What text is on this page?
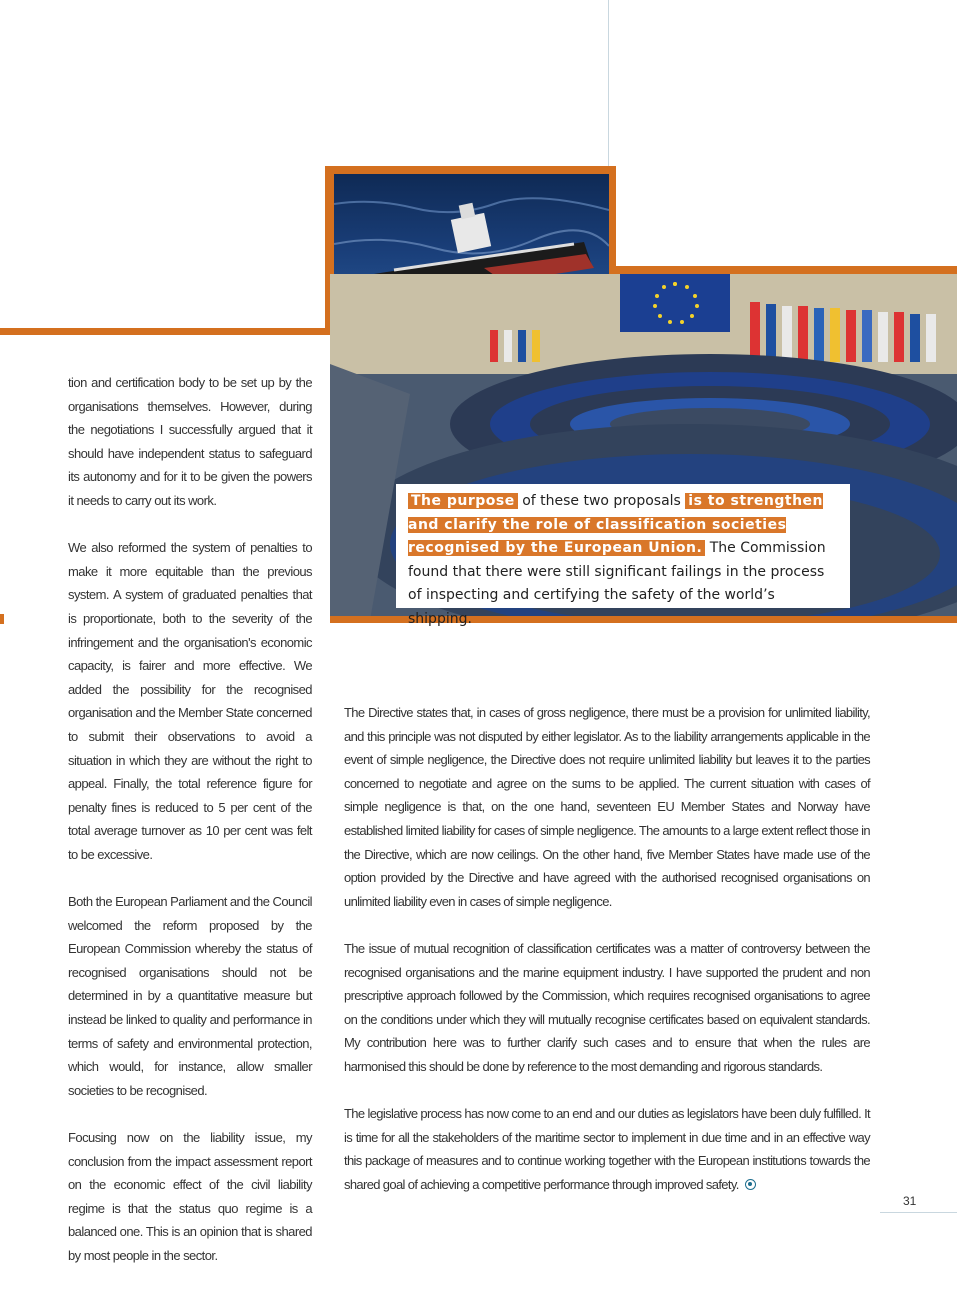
The purpose of these two proposals is to strengthen and clarify the role of classification societies recognised by the European Union. The Commission found that there were still significant failings in the process of inspecting and certifying the safety of the world’s shipping.

tion and certification body to be set up by the organisations themselves. However, during the negotiations I successfully argued that it should have independent status to safeguard its autonomy and for it to be given the powers it needs to carry out its work.

We also reformed the system of penalties to make it more equitable than the previous system. A system of graduated penalties that is proportionate, both to the severity of the infringement and the organisation's economic capacity, is fairer and more effective. We added the possibility for the recognised organisation and the Member State concerned to submit their observations to avoid a situation in which they are without the right to appeal. Finally, the total reference figure for penalty fines is reduced to 5 per cent of the total average turnover as 10 per cent was felt to be excessive.

Both the European Parliament and the Council welcomed the reform proposed by the European Commission whereby the status of recognised organisations should not be determined in by a quantitative measure but instead be linked to quality and performance in terms of safety and environmental protection, which would, for instance, allow smaller societies to be recognised.

Focusing now on the liability issue, my conclusion from the impact assessment report on the economic effect of the civil liability regime is that the status quo regime is a balanced one. This is an opinion that is shared by most people in the sector.

The Directive states that, in cases of gross negligence, there must be a provision for unlimited liability, and this principle was not disputed by either legislator. As to the liability arrangements applicable in the event of simple negligence, the Directive does not require unlimited liability but leaves it to the parties concerned to negotiate and agree on the sums to be applied. The current situation with cases of simple negligence is that, on the one hand, seventeen EU Member States and Norway have established limited liability for cases of simple negligence. The amounts to a large extent reflect those in the Directive, which are now ceilings. On the other hand, five Member States have made use of the option provided by the Directive and have agreed with the authorised recognised organisations on unlimited liability even in cases of simple negligence.

The issue of mutual recognition of classification certificates was a matter of controversy between the recognised organisations and the marine equipment industry. I have supported the prudent and non prescriptive approach followed by the Commission, which requires recognised organisations to agree on the conditions under which they will mutually recognise certificates based on equivalent standards. My contribution here was to further clarify such cases and to ensure that when the rules are harmonised this should be done by reference to the most demanding and rigorous standards.

The legislative process has now come to an end and our duties as legislators have been duly fulfilled. It is time for all the stakeholders of the maritime sector to implement in due time and in an effective way this package of measures and to continue working together with the European institutions towards the shared goal of achieving a competitive performance through improved safety.

31
